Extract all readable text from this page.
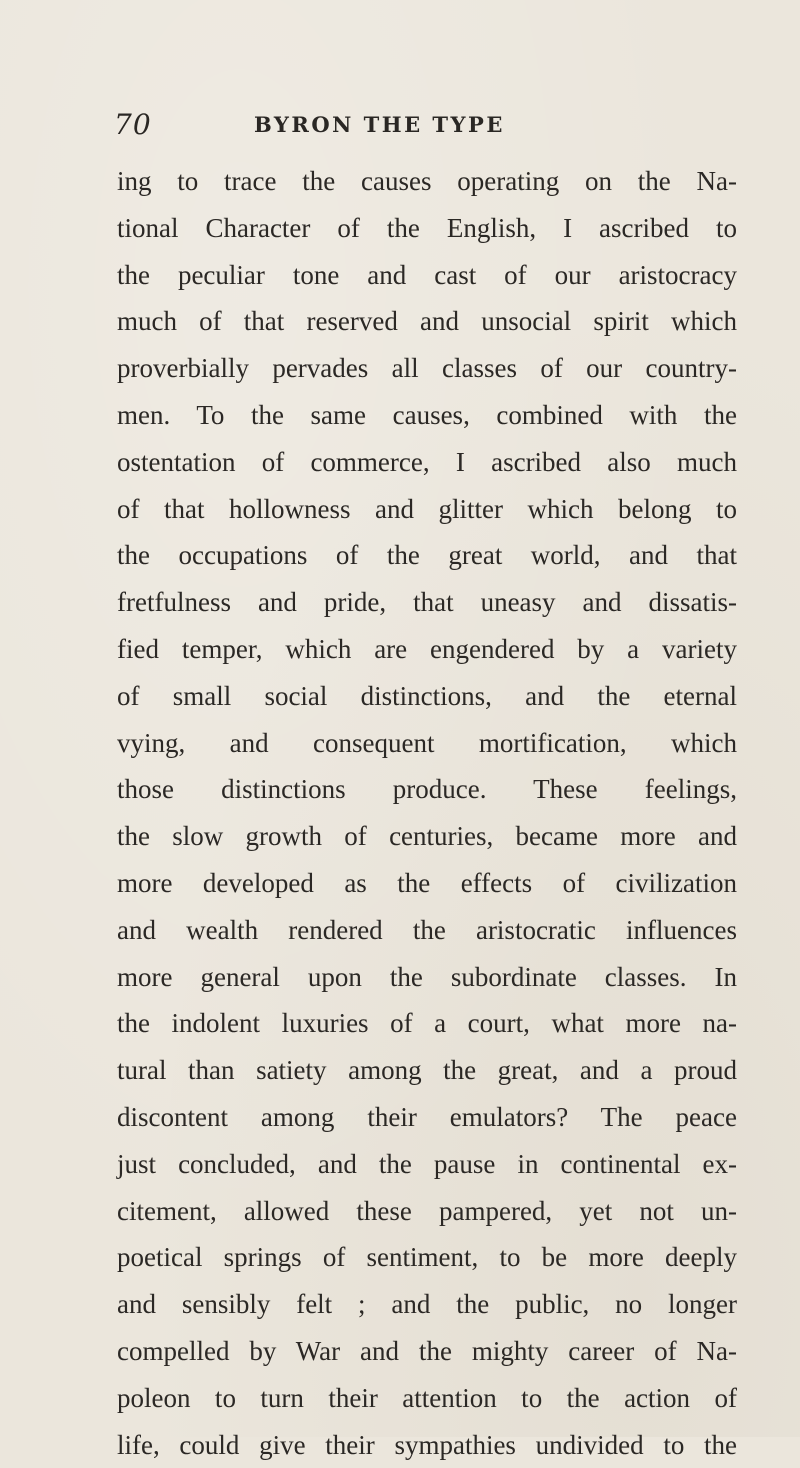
70	BYRON THE TYPE
ing to trace the causes operating on the Na-
tional Character of the English, I ascribed to
the peculiar tone and cast of our aristocracy
much of that reserved and unsocial spirit which
proverbially pervades all classes of our country-
men. To the same causes, combined with the
ostentation of commerce, I ascribed also much
of that hollowness and glitter which belong to
the occupations of the great world, and that
fretfulness and pride, that uneasy and dissatis-
fied temper, which are engendered by a variety
of small social distinctions, and the eternal
vying, and consequent mortification, which
those distinctions produce. These feelings,
the slow growth of centuries, became more and
more developed as the effects of civilization
and wealth rendered the aristocratic influences
more general upon the subordinate classes. In
the indolent luxuries of a court, what more na-
tural than satiety among the great, and a proud
discontent among their emulators? The peace
just concluded, and the pause in continental ex-
citement, allowed these pampered, yet not un-
poetical springs of sentiment, to be more deeply
and sensibly felt ; and the public, no longer
compelled by War and the mighty career of Na-
poleon to turn their attention to the action of
life, could give their sympathies undivided to the
